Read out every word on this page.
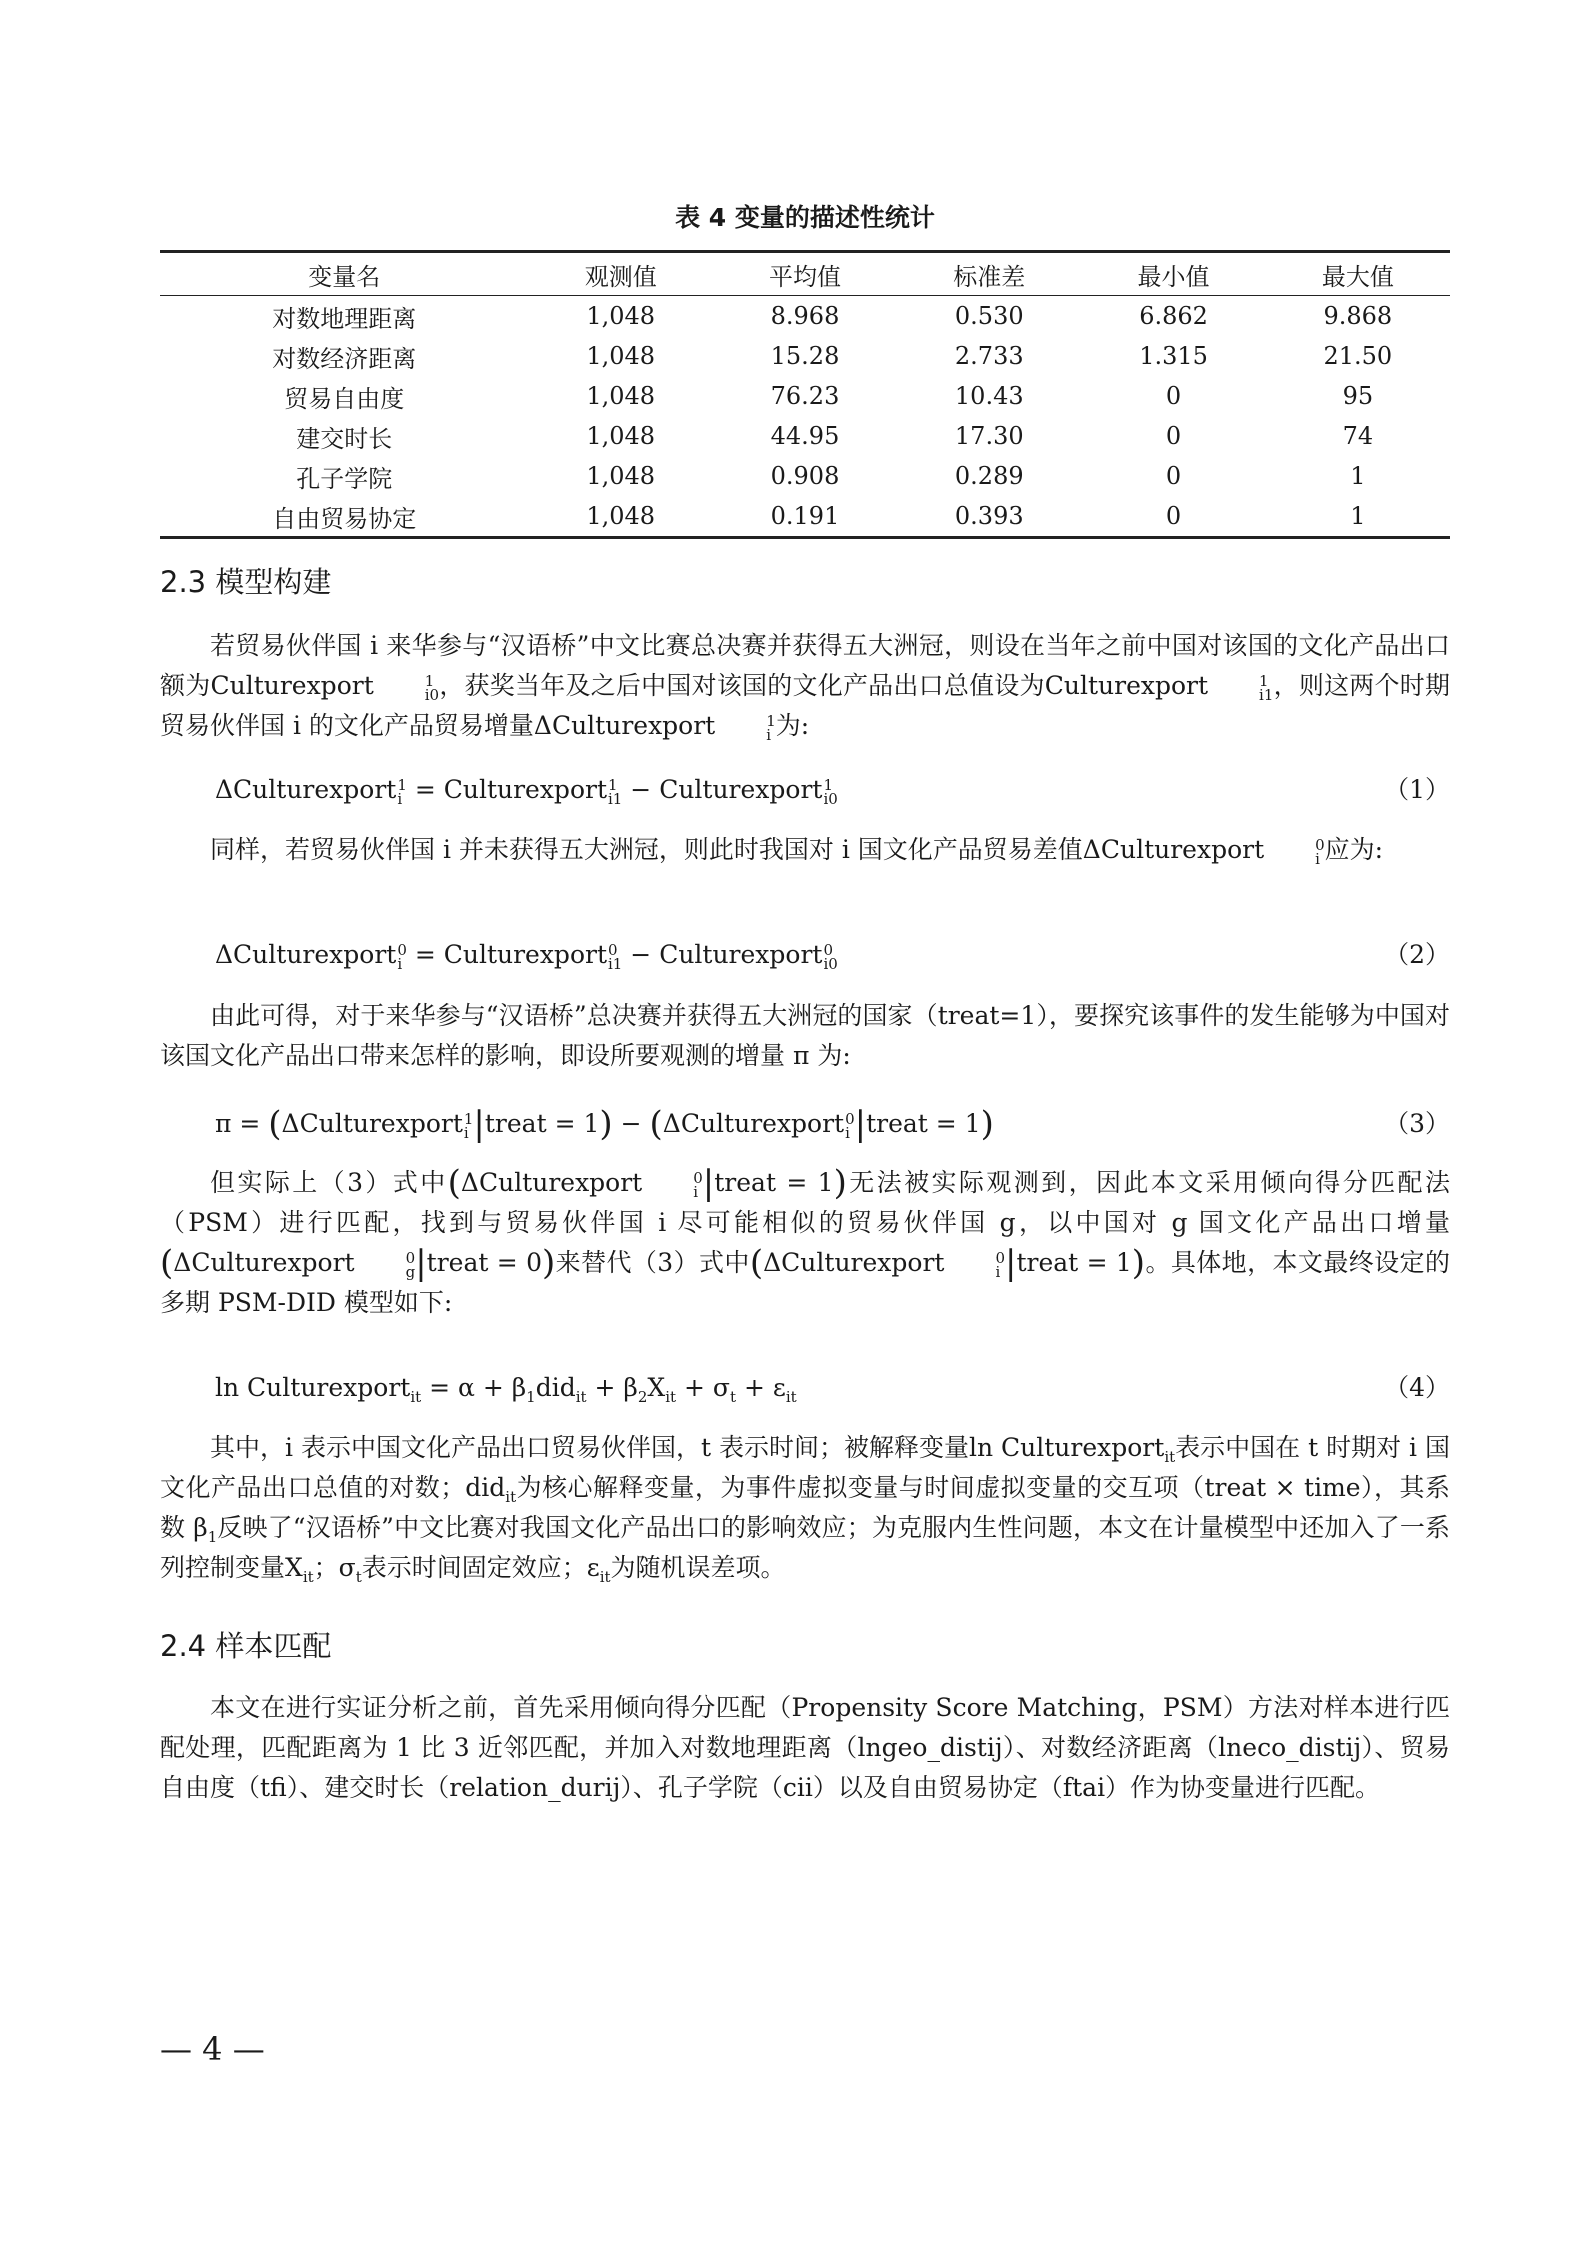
表 4 变量的描述性统计
变量名	观测值	平均值	标准差	最小值	最大值
对数地理距离	1,048	8.968	0.530	6.862	9.868
对数经济距离	1,048	15.28	2.733	1.315	21.50
贸易自由度	1,048	76.23	10.43	0	95
建交时长	1,048	44.95	17.30	0	74
孔子学院	1,048	0.908	0.289	0	1
自由贸易协定	1,048	0.191	0.393	0	1
2.3 模型构建
若贸易伙伴国 i 来华参与“汉语桥”中文比赛总决赛并获得五大洲冠，则设在当年之前中国对该国的文化产品出口额为Culturexport	1
i0 ，获奖当年及之后中国对该国的文化产品出口总值设为Culturexport	1
i1 ，则这两个时期贸易伙伴国 i 的文化产品贸易增量ΔCulturexport	1
i 为:
ΔCulturexport 1
i = Culturexport 1
i1 − Culturexport 1
i0	（1）
同样，若贸易伙伴国 i 并未获得五大洲冠，则此时我国对 i 国文化产品贸易差值ΔCulturexport	0
i 应为:
ΔCulturexport 0
i = Culturexport 0
i1 − Culturexport 0
i0	（2）
由此可得，对于来华参与“汉语桥”总决赛并获得五大洲冠的国家（treat=1），要探究该事件的发生能够为中国对该国文化产品出口带来怎样的影响，即设所要观测的增量 π 为:
π = (ΔCulturexport 1
i |treat = 1) − (ΔCulturexport 0
i |treat = 1)	（3）
但实际上（3）式中(ΔCulturexport	0
i |treat = 1)无法被实际观测到，因此本文采用倾向得分匹配法（PSM）进行匹配，找到与贸易伙伴国 i 尽可能相似的贸易伙伴国 g，以中国对 g 国文化产品出口增量(ΔCulturexport	0
g |treat = 0)来替代（3）式中(ΔCulturexport	0
i |treat = 1)。具体地，本文最终设定的多期 PSM-DID 模型如下:
ln Culturexport$_{it}$ = $\alpha + \beta_1did_{it} + \beta_2X_{it} + \sigma_t + \varepsilon_{it}$	（4）
其中，i 表示中国文化产品出口贸易伙伴国，t 表示时间；被解释变量ln Culturexport$_{it}$表示中国在 t 时期对 i 国文化产品出口总值的对数；did$_{it}$为核心解释变量，为事件虚拟变量与时间虚拟变量的交互项（treat × time），其系数 $\beta_1$反映了“汉语桥”中文比赛对我国文化产品出口的影响效应；为克服内生性问题，本文在计量模型中还加入了一系列控制变量$X_{it}$；$\sigma_t$表示时间固定效应；$\varepsilon_{it}$为随机误差项。
2.4 样本匹配
本文在进行实证分析之前，首先采用倾向得分匹配（Propensity Score Matching，PSM）方法对样本进行匹配处理，匹配距离为 1 比 3 近邻匹配，并加入对数地理距离（lngeo_distij）、对数经济距离（lneco_distij）、贸易自由度（tfi）、建交时长（relation_durij）、孔子学院（cii）以及自由贸易协定（ftai）作为协变量进行匹配。
— 4 —
